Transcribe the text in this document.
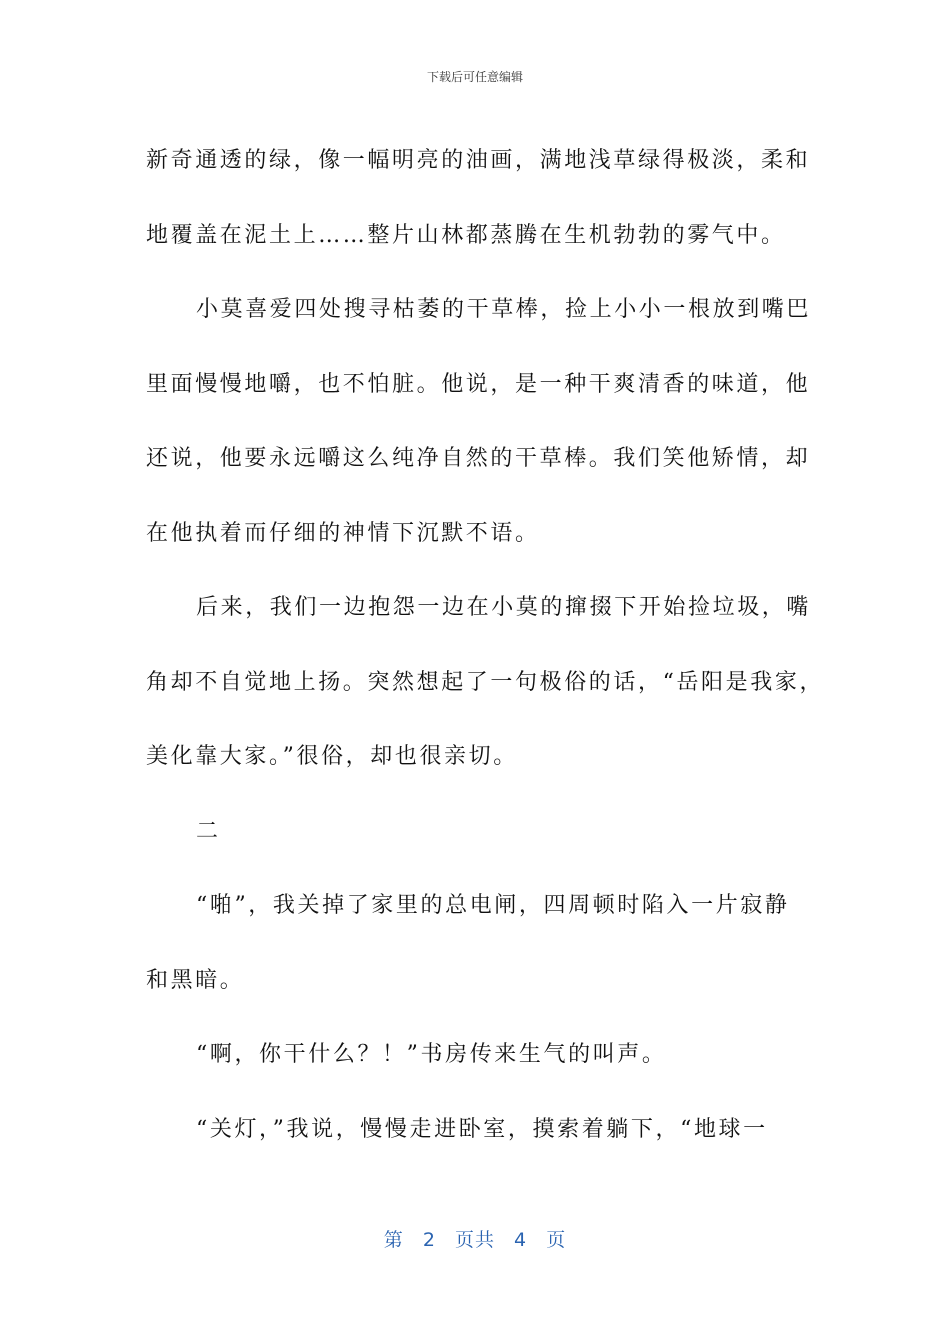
下载后可任意编辑
新奇通透的绿，像一幅明亮的油画，满地浅草绿得极淡，柔和
地覆盖在泥土上……整片山林都蒸腾在生机勃勃的雾气中。
小莫喜爱四处搜寻枯萎的干草棒，捡上小小一根放到嘴巴
里面慢慢地嚼，也不怕脏。他说，是一种干爽清香的味道，他
还说，他要永远嚼这么纯净自然的干草棒。我们笑他矫情，却
在他执着而仔细的神情下沉默不语。
后来，我们一边抱怨一边在小莫的撺掇下开始捡垃圾，嘴
角却不自觉地上扬。突然想起了一句极俗的话，“岳阳是我家，
美化靠大家。”很俗，却也很亲切。
二
“啪”，我关掉了家里的总电闸，四周顿时陷入一片寂静
和黑暗。
“啊，你干什么？！”书房传来生气的叫声。
“关灯，”我说，慢慢走进卧室，摸索着躺下，“地球一
第 2 页共 4 页
